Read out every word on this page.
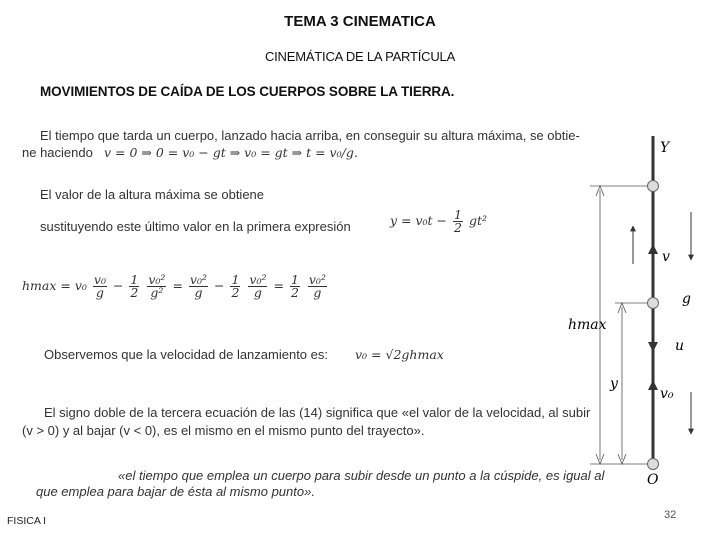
TEMA 3 CINEMATICA
CINEMÁTICA DE LA PARTÍCULA
MOVIMIENTOS DE CAÍDA DE LOS CUERPOS SOBRE LA TIERRA.
El tiempo que tarda un cuerpo, lanzado hacia arriba, en conseguir su altura máxima, se obtie-
ne haciendo v = 0 ⇒ 0 = v₀ − gt ⇒ v₀ = gt ⇒ t = v₀/g.
El valor de la altura máxima se obtiene
sustituyendo este último valor en la primera expresión	$y = v_0t - \frac{1}{2} gt^2$
$hmax = v_0 \frac{\text{v₀}}{g} - \frac{1}{2}$
$\frac{\text{v₀²}}{\text{g²}} = \frac{\text{v₀²}}{g} - \frac{1}{2}$
$\frac{\text{v₀²}}{g} = \frac{1}{2}$
$\frac{\text{v₀²}}{g}$
Observemos que la velocidad de lanzamiento es: v₀ = √2ghmax
El signo doble de la tercera ecuación de las (14) significa que «el valor de la velocidad, al subir
(v > 0) y al bajar (v < 0), es el mismo en el mismo punto del trayecto».
«el tiempo que emplea un cuerpo para subir desde un punto a la cúspide, es igual al
que emplea para bajar de ésta al mismo punto».
Y
O
v
g
u
v₀
hmax
y
FISICA I	32
